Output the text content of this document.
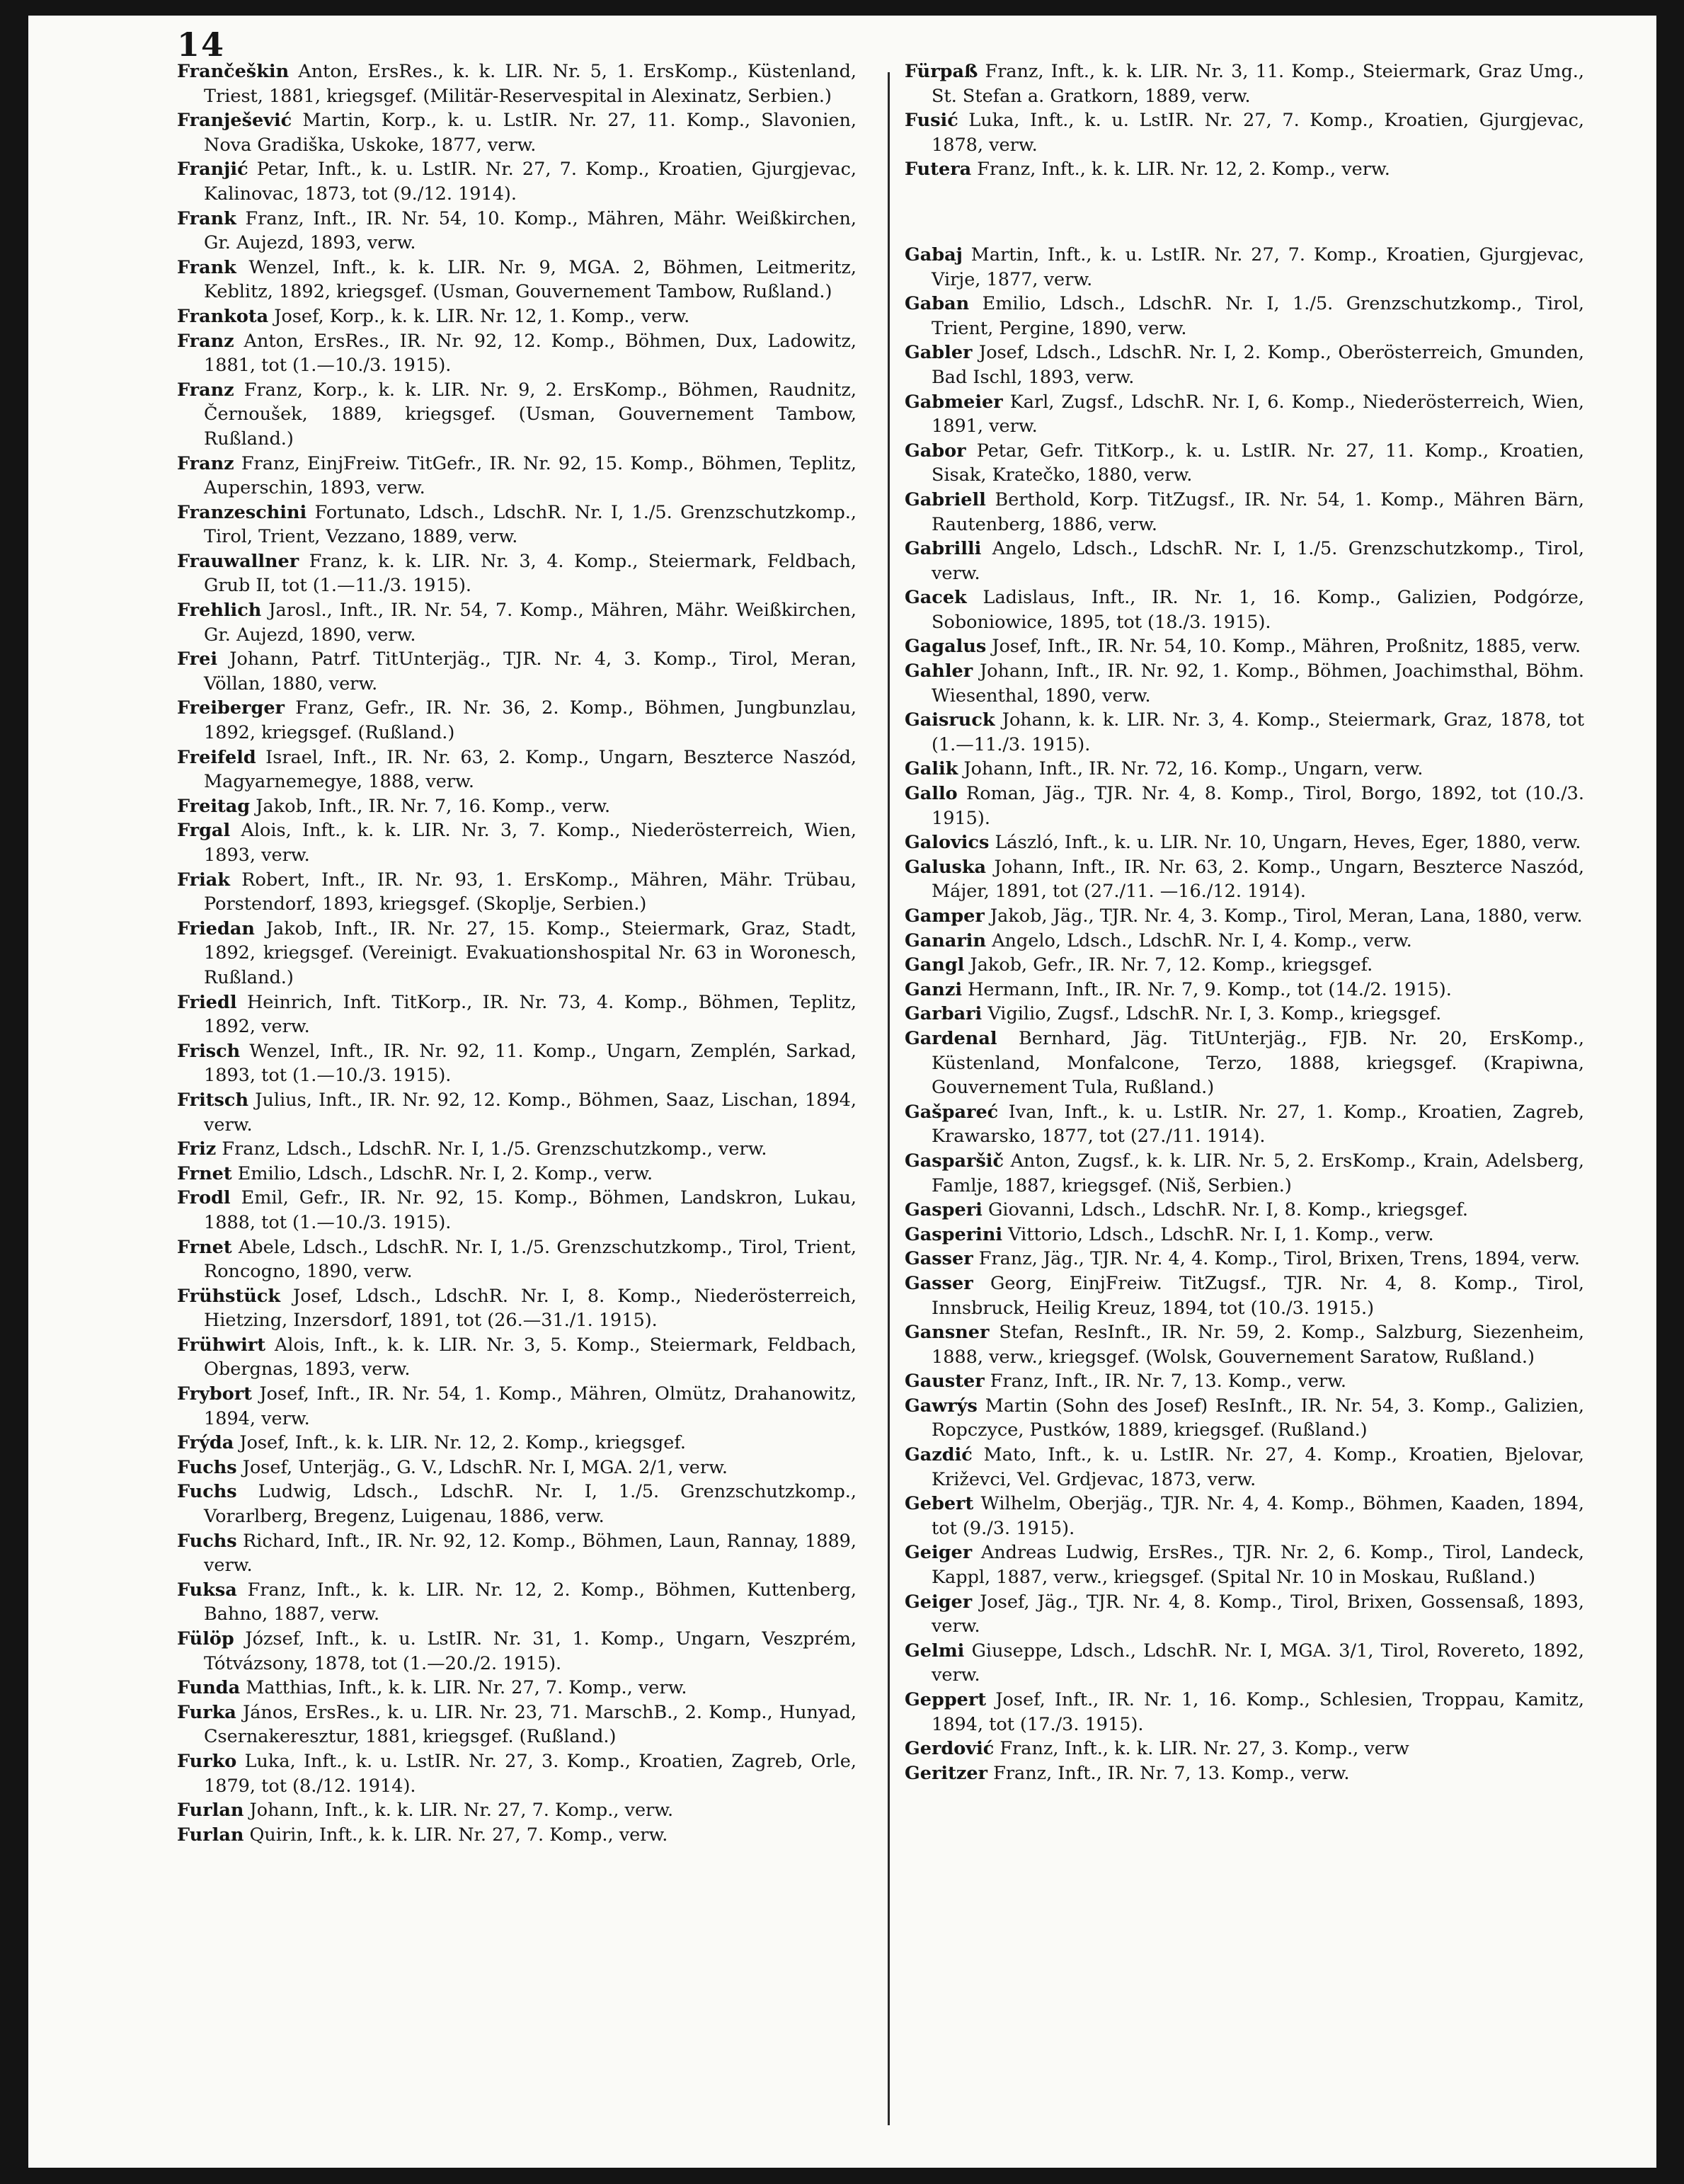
14

Frančeškin Anton, ErsRes., k. k. LIR. Nr. 5, 1. ErsKomp., Küstenland, Triest, 1881, kriegsgef. (Militär-Reservespital in Alexinatz, Serbien.)

Franješević Martin, Korp., k. u. LstIR. Nr. 27, 11. Komp., Slavonien, Nova Gradiška, Uskoke, 1877, verw.

Franjić Petar, Inft., k. u. LstIR. Nr. 27, 7. Komp., Kroatien, Gjurgjevac, Kalinovac, 1873, tot (9./12. 1914).

Frank Franz, Inft., IR. Nr. 54, 10. Komp., Mähren, Mähr. Weißkirchen, Gr. Aujezd, 1893, verw.

Frank Wenzel, Inft., k. k. LIR. Nr. 9, MGA. 2, Böhmen, Leitmeritz, Keblitz, 1892, kriegsgef. (Usman, Gouvernement Tambow, Rußland.)

Frankota Josef, Korp., k. k. LIR. Nr. 12, 1. Komp., verw.

Franz Anton, ErsRes., IR. Nr. 92, 12. Komp., Böhmen, Dux, Ladowitz, 1881, tot (1.—10./3. 1915).

Franz Franz, Korp., k. k. LIR. Nr. 9, 2. ErsKomp., Böhmen, Raudnitz, Černoušek, 1889, kriegsgef. (Usman, Gouvernement Tambow, Rußland.)

Franz Franz, EinjFreiw. TitGefr., IR. Nr. 92, 15. Komp., Böhmen, Teplitz, Auperschin, 1893, verw.

Franzeschini Fortunato, Ldsch., LdschR. Nr. I, 1./5. Grenzschutzkomp., Tirol, Trient, Vezzano, 1889, verw.

Frauwallner Franz, k. k. LIR. Nr. 3, 4. Komp., Steiermark, Feldbach, Grub II, tot (1.—11./3. 1915).

Frehlich Jarosl., Inft., IR. Nr. 54, 7. Komp., Mähren, Mähr. Weißkirchen, Gr. Aujezd, 1890, verw.

Frei Johann, Patrf. TitUnterjäg., TJR. Nr. 4, 3. Komp., Tirol, Meran, Völlan, 1880, verw.

Freiberger Franz, Gefr., IR. Nr. 36, 2. Komp., Böhmen, Jungbunzlau, 1892, kriegsgef. (Rußland.)

Freifeld Israel, Inft., IR. Nr. 63, 2. Komp., Ungarn, Beszterce Naszód, Magyarnemegye, 1888, verw.

Freitag Jakob, Inft., IR. Nr. 7, 16. Komp., verw.

Frgal Alois, Inft., k. k. LIR. Nr. 3, 7. Komp., Niederösterreich, Wien, 1893, verw.

Friak Robert, Inft., IR. Nr. 93, 1. ErsKomp., Mähren, Mähr. Trübau, Porstendorf, 1893, kriegsgef. (Skoplje, Serbien.)

Friedan Jakob, Inft., IR. Nr. 27, 15. Komp., Steiermark, Graz, Stadt, 1892, kriegsgef. (Vereinigt. Evakuationshospital Nr. 63 in Woronesch, Rußland.)

Friedl Heinrich, Inft. TitKorp., IR. Nr. 73, 4. Komp., Böhmen, Teplitz, 1892, verw.

Frisch Wenzel, Inft., IR. Nr. 92, 11. Komp., Ungarn, Zemplén, Sarkad, 1893, tot (1.—10./3. 1915).

Fritsch Julius, Inft., IR. Nr. 92, 12. Komp., Böhmen, Saaz, Lischan, 1894, verw.

Friz Franz, Ldsch., LdschR. Nr. I, 1./5. Grenzschutzkomp., verw.

Frnet Emilio, Ldsch., LdschR. Nr. I, 2. Komp., verw.

Frodl Emil, Gefr., IR. Nr. 92, 15. Komp., Böhmen, Landskron, Lukau, 1888, tot (1.—10./3. 1915).

Frnet Abele, Ldsch., LdschR. Nr. I, 1./5. Grenzschutzkomp., Tirol, Trient, Roncogno, 1890, verw.

Frühstück Josef, Ldsch., LdschR. Nr. I, 8. Komp., Niederösterreich, Hietzing, Inzersdorf, 1891, tot (26.—31./1. 1915).

Frühwirt Alois, Inft., k. k. LIR. Nr. 3, 5. Komp., Steiermark, Feldbach, Obergnas, 1893, verw.

Frybort Josef, Inft., IR. Nr. 54, 1. Komp., Mähren, Olmütz, Drahanowitz, 1894, verw.

Frýda Josef, Inft., k. k. LIR. Nr. 12, 2. Komp., kriegsgef.

Fuchs Josef, Unterjäg., G. V., LdschR. Nr. I, MGA. 2/1, verw.

Fuchs Ludwig, Ldsch., LdschR. Nr. I, 1./5. Grenzschutzkomp., Vorarlberg, Bregenz, Luigenau, 1886, verw.

Fuchs Richard, Inft., IR. Nr. 92, 12. Komp., Böhmen, Laun, Rannay, 1889, verw.

Fuksa Franz, Inft., k. k. LIR. Nr. 12, 2. Komp., Böhmen, Kuttenberg, Bahno, 1887, verw.

Fülöp József, Inft., k. u. LstIR. Nr. 31, 1. Komp., Ungarn, Veszprém, Tótvázsony, 1878, tot (1.—20./2. 1915).

Funda Matthias, Inft., k. k. LIR. Nr. 27, 7. Komp., verw.

Furka János, ErsRes., k. u. LIR. Nr. 23, 71. MarschB., 2. Komp., Hunyad, Csernakeresztur, 1881, kriegsgef. (Rußland.)

Furko Luka, Inft., k. u. LstIR. Nr. 27, 3. Komp., Kroatien, Zagreb, Orle, 1879, tot (8./12. 1914).

Furlan Johann, Inft., k. k. LIR. Nr. 27, 7. Komp., verw.

Furlan Quirin, Inft., k. k. LIR. Nr. 27, 7. Komp., verw.

Fürpaß Franz, Inft., k. k. LIR. Nr. 3, 11. Komp., Steiermark, Graz Umg., St. Stefan a. Gratkorn, 1889, verw.

Fusić Luka, Inft., k. u. LstIR. Nr. 27, 7. Komp., Kroatien, Gjurgjevac, 1878, verw.

Futera Franz, Inft., k. k. LIR. Nr. 12, 2. Komp., verw.

Gabaj Martin, Inft., k. u. LstIR. Nr. 27, 7. Komp., Kroatien, Gjurgjevac, Virje, 1877, verw.

Gaban Emilio, Ldsch., LdschR. Nr. I, 1./5. Grenzschutzkomp., Tirol, Trient, Pergine, 1890, verw.

Gabler Josef, Ldsch., LdschR. Nr. I, 2. Komp., Oberösterreich, Gmunden, Bad Ischl, 1893, verw.

Gabmeier Karl, Zugsf., LdschR. Nr. I, 6. Komp., Niederösterreich, Wien, 1891, verw.

Gabor Petar, Gefr. TitKorp., k. u. LstIR. Nr. 27, 11. Komp., Kroatien, Sisak, Kratečko, 1880, verw.

Gabriell Berthold, Korp. TitZugsf., IR. Nr. 54, 1. Komp., Mähren Bärn, Rautenberg, 1886, verw.

Gabrilli Angelo, Ldsch., LdschR. Nr. I, 1./5. Grenzschutzkomp., Tirol, verw.

Gacek Ladislaus, Inft., IR. Nr. 1, 16. Komp., Galizien, Podgórze, Soboniowice, 1895, tot (18./3. 1915).

Gagalus Josef, Inft., IR. Nr. 54, 10. Komp., Mähren, Proßnitz, 1885, verw.

Gahler Johann, Inft., IR. Nr. 92, 1. Komp., Böhmen, Joachimsthal, Böhm. Wiesenthal, 1890, verw.

Gaisruck Johann, k. k. LIR. Nr. 3, 4. Komp., Steiermark, Graz, 1878, tot (1.—11./3. 1915).

Galik Johann, Inft., IR. Nr. 72, 16. Komp., Ungarn, verw.

Gallo Roman, Jäg., TJR. Nr. 4, 8. Komp., Tirol, Borgo, 1892, tot (10./3. 1915).

Galovics László, Inft., k. u. LIR. Nr. 10, Ungarn, Heves, Eger, 1880, verw.

Galuska Johann, Inft., IR. Nr. 63, 2. Komp., Ungarn, Beszterce Naszód, Májer, 1891, tot (27./11. —16./12. 1914).

Gamper Jakob, Jäg., TJR. Nr. 4, 3. Komp., Tirol, Meran, Lana, 1880, verw.

Ganarin Angelo, Ldsch., LdschR. Nr. I, 4. Komp., verw.

Gangl Jakob, Gefr., IR. Nr. 7, 12. Komp., kriegsgef.

Ganzi Hermann, Inft., IR. Nr. 7, 9. Komp., tot (14./2. 1915).

Garbari Vigilio, Zugsf., LdschR. Nr. I, 3. Komp., kriegsgef.

Gardenal Bernhard, Jäg. TitUnterjäg., FJB. Nr. 20, ErsKomp., Küstenland, Monfalcone, Terzo, 1888, kriegsgef. (Krapiwna, Gouvernement Tula, Rußland.)

Gašpareć Ivan, Inft., k. u. LstIR. Nr. 27, 1. Komp., Kroatien, Zagreb, Krawarsko, 1877, tot (27./11. 1914).

Gasparšič Anton, Zugsf., k. k. LIR. Nr. 5, 2. ErsKomp., Krain, Adelsberg, Famlje, 1887, kriegsgef. (Niš, Serbien.)

Gasperi Giovanni, Ldsch., LdschR. Nr. I, 8. Komp., kriegsgef.

Gasperini Vittorio, Ldsch., LdschR. Nr. I, 1. Komp., verw.

Gasser Franz, Jäg., TJR. Nr. 4, 4. Komp., Tirol, Brixen, Trens, 1894, verw.

Gasser Georg, EinjFreiw. TitZugsf., TJR. Nr. 4, 8. Komp., Tirol, Innsbruck, Heilig Kreuz, 1894, tot (10./3. 1915.)

Gansner Stefan, ResInft., IR. Nr. 59, 2. Komp., Salzburg, Siezenheim, 1888, verw., kriegsgef. (Wolsk, Gouvernement Saratow, Rußland.)

Gauster Franz, Inft., IR. Nr. 7, 13. Komp., verw.

Gawrýs Martin (Sohn des Josef) ResInft., IR. Nr. 54, 3. Komp., Galizien, Ropczyce, Pustków, 1889, kriegsgef. (Rußland.)

Gazdić Mato, Inft., k. u. LstIR. Nr. 27, 4. Komp., Kroatien, Bjelovar, Križevci, Vel. Grdjevac, 1873, verw.

Gebert Wilhelm, Oberjäg., TJR. Nr. 4, 4. Komp., Böhmen, Kaaden, 1894, tot (9./3. 1915).

Geiger Andreas Ludwig, ErsRes., TJR. Nr. 2, 6. Komp., Tirol, Landeck, Kappl, 1887, verw., kriegsgef. (Spital Nr. 10 in Moskau, Rußland.)

Geiger Josef, Jäg., TJR. Nr. 4, 8. Komp., Tirol, Brixen, Gossensaß, 1893, verw.

Gelmi Giuseppe, Ldsch., LdschR. Nr. I, MGA. 3/1, Tirol, Rovereto, 1892, verw.

Geppert Josef, Inft., IR. Nr. 1, 16. Komp., Schlesien, Troppau, Kamitz, 1894, tot (17./3. 1915).

Gerdović Franz, Inft., k. k. LIR. Nr. 27, 3. Komp., verw

Geritzer Franz, Inft., IR. Nr. 7, 13. Komp., verw.
